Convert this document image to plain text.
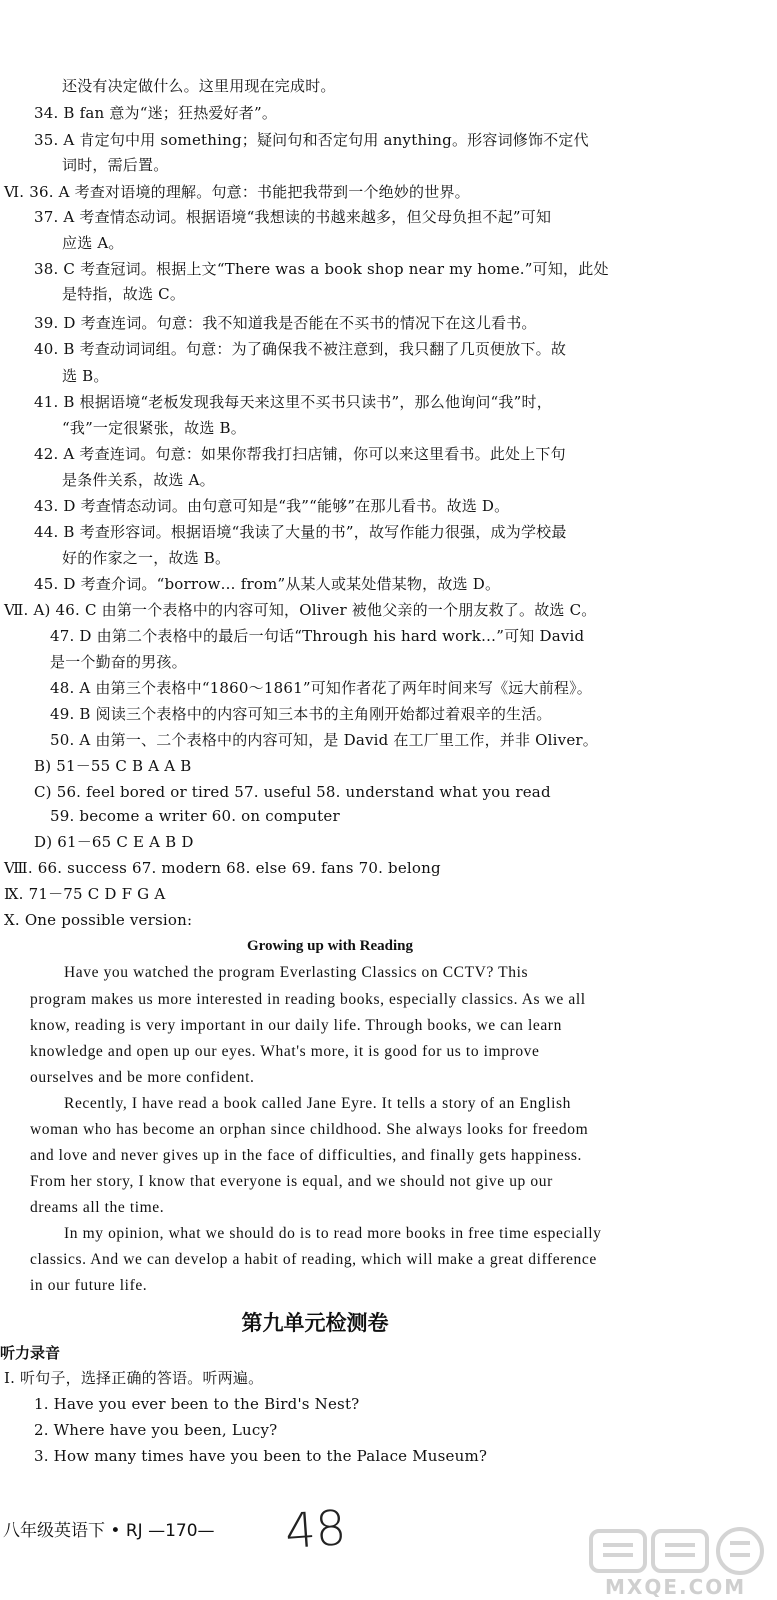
还没有决定做什么。这里用现在完成时。
34. B fan 意为“迷；狂热爱好者”。
35. A 肯定句中用 something；疑问句和否定句用 anything。形容词修饰不定代
词时，需后置。
Ⅵ. 36. A 考查对语境的理解。句意：书能把我带到一个绝妙的世界。
37. A 考查情态动词。根据语境“我想读的书越来越多，但父母负担不起”可知
应选 A。
38. C 考查冠词。根据上文“There was a book shop near my home.”可知，此处
是特指，故选 C。
39. D 考查连词。句意：我不知道我是否能在不买书的情况下在这儿看书。
40. B 考查动词词组。句意：为了确保我不被注意到，我只翻了几页便放下。故
选 B。
41. B 根据语境“老板发现我每天来这里不买书只读书”，那么他询问“我”时，
“我”一定很紧张，故选 B。
42. A 考查连词。句意：如果你帮我打扫店铺，你可以来这里看书。此处上下句
是条件关系，故选 A。
43. D 考查情态动词。由句意可知是“我”“能够”在那儿看书。故选 D。
44. B 考查形容词。根据语境“我读了大量的书”，故写作能力很强，成为学校最
好的作家之一，故选 B。
45. D 考查介词。“borrow… from”从某人或某处借某物，故选 D。
Ⅶ. A) 46. C 由第一个表格中的内容可知，Oliver 被他父亲的一个朋友救了。故选 C。
47. D 由第二个表格中的最后一句话“Through his hard work…”可知 David
是一个勤奋的男孩。
48. A 由第三个表格中“1860～1861”可知作者花了两年时间来写《远大前程》。
49. B 阅读三个表格中的内容可知三本书的主角刚开始都过着艰辛的生活。
50. A 由第一、二个表格中的内容可知，是 David 在工厂里工作，并非 Oliver。
B) 51－55 C B A A B
C) 56. feel bored or tired 57. useful 58. understand what you read
59. become a writer 60. on computer
D) 61－65 C E A B D
Ⅷ. 66. success 67. modern 68. else 69. fans 70. belong
Ⅸ. 71－75 C D F G A
Ⅹ. One possible version:
Growing up with Reading
Have you watched the program Everlasting Classics on CCTV? This
program makes us more interested in reading books, especially classics. As we all
know, reading is very important in our daily life. Through books, we can learn
knowledge and open up our eyes. What's more, it is good for us to improve
ourselves and be more confident.
Recently, I have read a book called Jane Eyre. It tells a story of an English
woman who has become an orphan since childhood. She always looks for freedom
and love and never gives up in the face of difficulties, and finally gets happiness.
From her story, I know that everyone is equal, and we should not give up our
dreams all the time.
In my opinion, what we should do is to read more books in free time especially
classics. And we can develop a habit of reading, which will make a great difference
in our future life.
第九单元检测卷
听力录音
Ⅰ. 听句子，选择正确的答语。听两遍。
1. Have you ever been to the Bird's Nest?
2. Where have you been, Lucy?
3. How many times have you been to the Palace Museum?
八年级英语下 • RJ —170— 48
MXQE.COM
